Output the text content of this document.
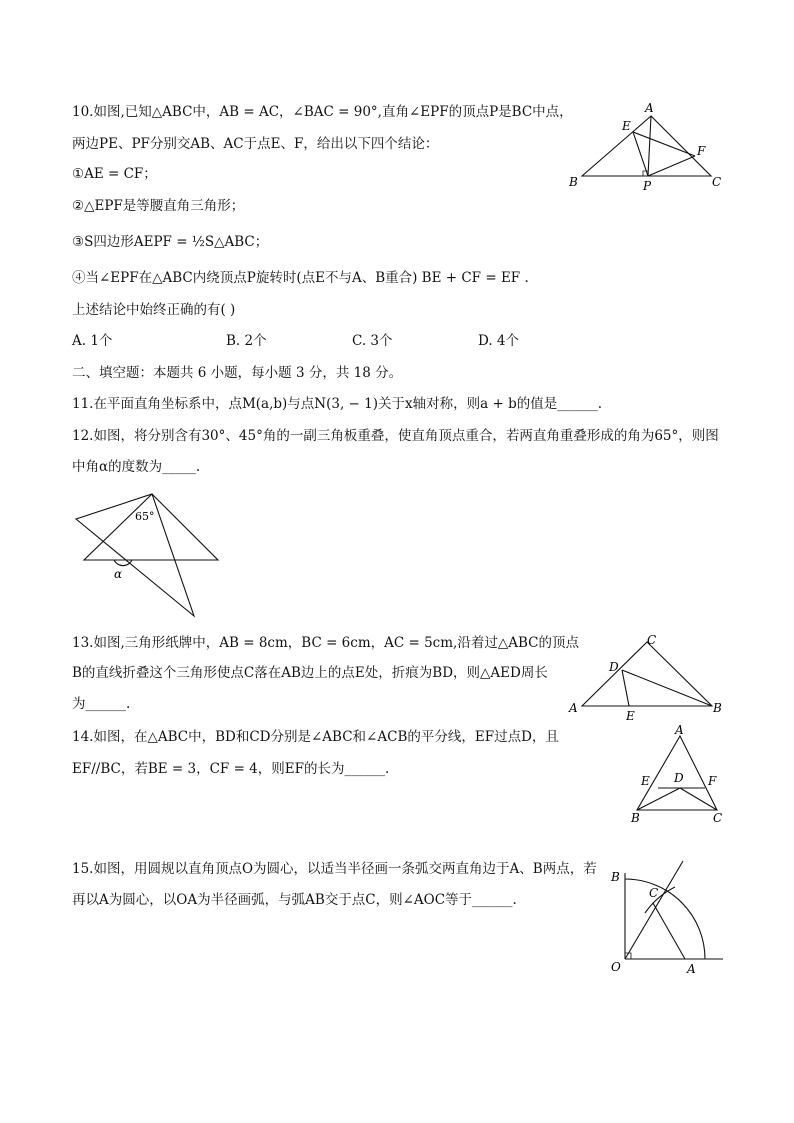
10.如图,已知△ABC中，AB = AC，∠BAC = 90°,直角∠EPF的顶点P是BC中点，
两边PE、PF分别交AB、AC于点E、F，给出以下四个结论：
①AE = CF；
②△EPF是等腰直角三角形；
③S四边形AEPF = ½S△ABC；
④当∠EPF在△ABC内绕顶点P旋转时(点E不与A、B重合) BE + CF = EF .
上述结论中始终正确的有( )
A. 1个	B. 2个	C. 3个	D. 4个
A
E
F
B	P	C
二、填空题：本题共 6 小题，每小题 3 分，共 18 分。
11.在平面直角坐标系中，点M(a,b)与点N(3, − 1)关于x轴对称，则a + b的值是______.
12.如图，将分别含有30°、45°角的一副三角板重叠，使直角顶点重合，若两直角重叠形成的角为65°，则图
中角α的度数为_____.
65°
α
13.如图,三角形纸牌中，AB = 8cm，BC = 6cm，AC = 5cm,沿着过△ABC的顶点
B的直线折叠这个三角形使点C落在AB边上的点E处，折痕为BD，则△AED周长
为______.
C
D
A
E
B
14.如图，在△ABC中，BD和CD分别是∠ABC和∠ACB的平分线，EF过点D，且
EF//BC，若BE = 3，CF = 4，则EF的长为______.
A
E D F
B	C
15.如图，用圆规以直角顶点O为圆心，以适当半径画一条弧交两直角边于A、B两点，若
再以A为圆心，以OA为半径画弧，与弧AB交于点C，则∠AOC等于______.
B
C
O	A
